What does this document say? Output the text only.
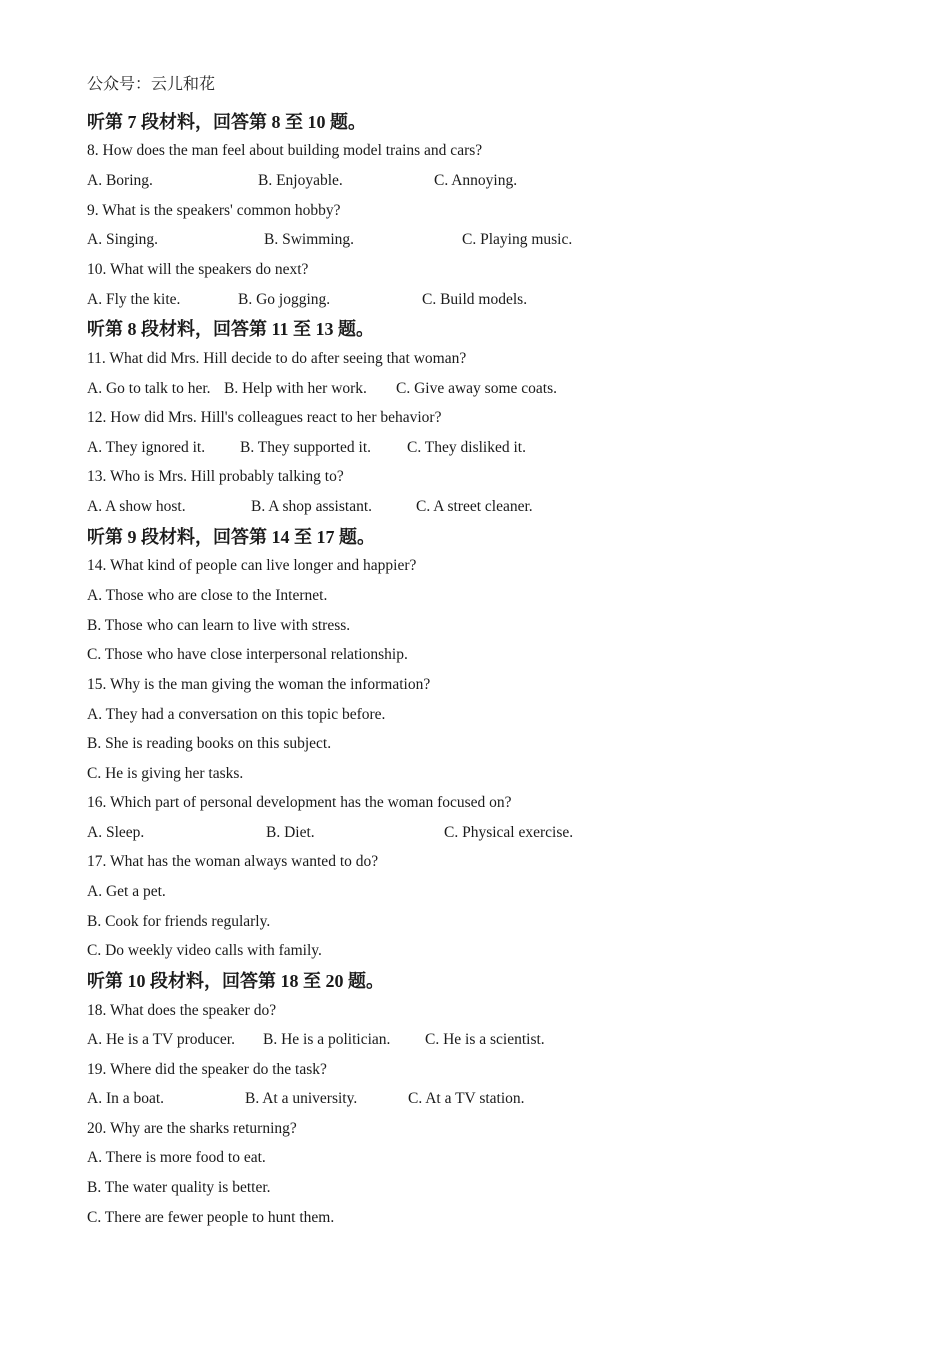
公众号：云儿和花
听第 7 段材料，回答第 8 至 10 题。
8. How does the man feel about building model trains and cars?
A. Boring.	B. Enjoyable.	C. Annoying.
9. What is the speakers' common hobby?
A. Singing.	B. Swimming.	C. Playing music.
10. What will the speakers do next?
A. Fly the kite.	B. Go jogging.	C. Build models.
听第 8 段材料，回答第 11 至 13 题。
11. What did Mrs. Hill decide to do after seeing that woman?
A. Go to talk to her. B. Help with her work. C. Give away some coats.
12. How did Mrs. Hill's colleagues react to her behavior?
A. They ignored it. B. They supported it. C. They disliked it.
13. Who is Mrs. Hill probably talking to?
A. A show host.	B. A shop assistant.	C. A street cleaner.
听第 9 段材料，回答第 14 至 17 题。
14. What kind of people can live longer and happier?
A. Those who are close to the Internet.
B. Those who can learn to live with stress.
C. Those who have close interpersonal relationship.
15. Why is the man giving the woman the information?
A. They had a conversation on this topic before.
B. She is reading books on this subject.
C. He is giving her tasks.
16. Which part of personal development has the woman focused on?
A. Sleep.	B. Diet.	C. Physical exercise.
17. What has the woman always wanted to do?
A. Get a pet.
B. Cook for friends regularly.
C. Do weekly video calls with family.
听第 10 段材料，回答第 18 至 20 题。
18. What does the speaker do?
A. He is a TV producer. B. He is a politician. C. He is a scientist.
19. Where did the speaker do the task?
A. In a boat.	B. At a university.	C. At a TV station.
20. Why are the sharks returning?
A. There is more food to eat.
B. The water quality is better.
C. There are fewer people to hunt them.
